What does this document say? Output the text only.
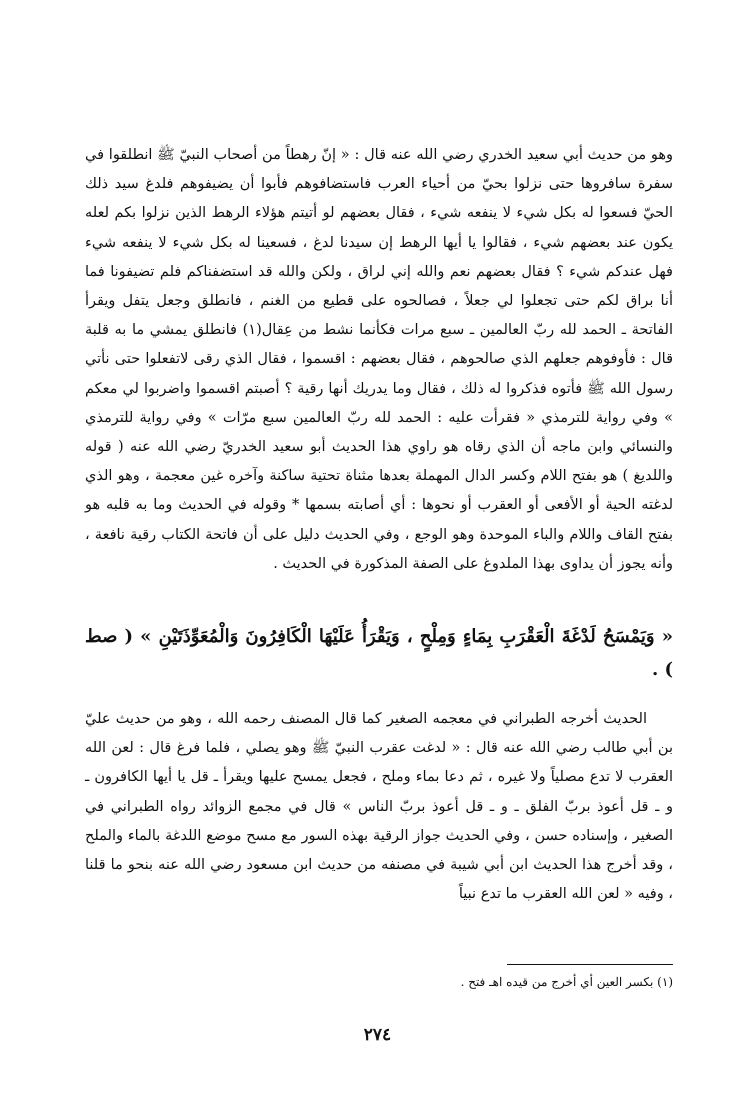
وهو من حديث أبي سعيد الخدري رضي الله عنه قال : « إنّ رهطاً من أصحاب النبيّ ﷺ انطلقوا في سفرة سافروها حتى نزلوا بحيّ من أحياء العرب فاستضافوهم فأبوا أن يضيفوهم فلدغ سيد ذلك الحيّ فسعوا له بكل شيء لا ينفعه شيء ، فقال بعضهم لو أتيتم هؤلاء الرهط الذين نزلوا بكم لعله يكون عند بعضهم شيء ، فقالوا يا أيها الرهط إن سيدنا لدغ ، فسعينا له بكل شيء لا ينفعه شيء فهل عندكم شيء ؟ فقال بعضهم نعم والله إني لراق ، ولكن والله قد استضفناكم فلم تضيفونا فما أنا براق لكم حتى تجعلوا لي جعلاً ، فصالحوه على قطيع من الغنم ، فانطلق وجعل يتفل ويقرأ الفاتحة ـ الحمد لله ربّ العالمين ـ سبع مرات فكأنما نشط من عِقال(١) فانطلق يمشي ما به قلبة قال : فأوفوهم جعلهم الذي صالحوهم ، فقال بعضهم : اقسموا ، فقال الذي رقى لاتفعلوا حتى نأتي رسول الله ﷺ فأتوه فذكروا له ذلك ، فقال وما يدريك أنها رقية ؟ أصبتم اقسموا واضربوا لي معكم » وفي رواية للترمذي « فقرأت عليه : الحمد لله ربّ العالمين سبع مرّات » وفي رواية للترمذي والنسائي وابن ماجه أن الذي رقاه هو راوي هذا الحديث أبو سعيد الخدريّ رضي الله عنه ( قوله واللديغ ) هو بفتح اللام وكسر الدال المهملة بعدها مثناة تحتية ساكنة وآخره غين معجمة ، وهو الذي لدغته الحية أو الأفعى أو العقرب أو نحوها : أي أصابته بسمها * وقوله في الحديث وما به قلبه هو بفتح القاف واللام والباء الموحدة وهو الوجع ، وفي الحديث دليل على أن فاتحة الكتاب رقية نافعة ، وأنه يجوز أن يداوى بهذا الملدوغ على الصفة المذكورة في الحديث .

« وَيَمْسَحُ لَدْغَةَ الْعَقْرَبِ بِمَاءٍ وَمِلْحٍ ، وَيَقْرَأُ عَلَيْهَا الْكَافِرُونَ وَالْمُعَوِّذَتَيْنِ » ( صط ) .

الحديث أخرجه الطبراني في معجمه الصغير كما قال المصنف رحمه الله ، وهو من حديث عليّ بن أبي طالب رضي الله عنه قال : « لدغت عقرب النبيّ ﷺ وهو يصلي ، فلما فرغ قال : لعن الله العقرب لا تدع مصلياً ولا غيره ، ثم دعا بماء وملح ، فجعل يمسح عليها ويقرأ ـ قل يا أيها الكافرون ـ و ـ قل أعوذ بربّ الفلق ـ و ـ قل أعوذ بربّ الناس » قال في مجمع الزوائد رواه الطبراني في الصغير ، وإسناده حسن ، وفي الحديث جواز الرقية بهذه السور مع مسح موضع اللدغة بالماء والملح ، وقد أخرج هذا الحديث ابن أبي شيبة في مصنفه من حديث ابن مسعود رضي الله عنه بنحو ما قلنا ، وفيه « لعن الله العقرب ما تدع نبياً

(١) بكسر العين أي أخرج من قيده اهـ فتح .

٢٧٤
